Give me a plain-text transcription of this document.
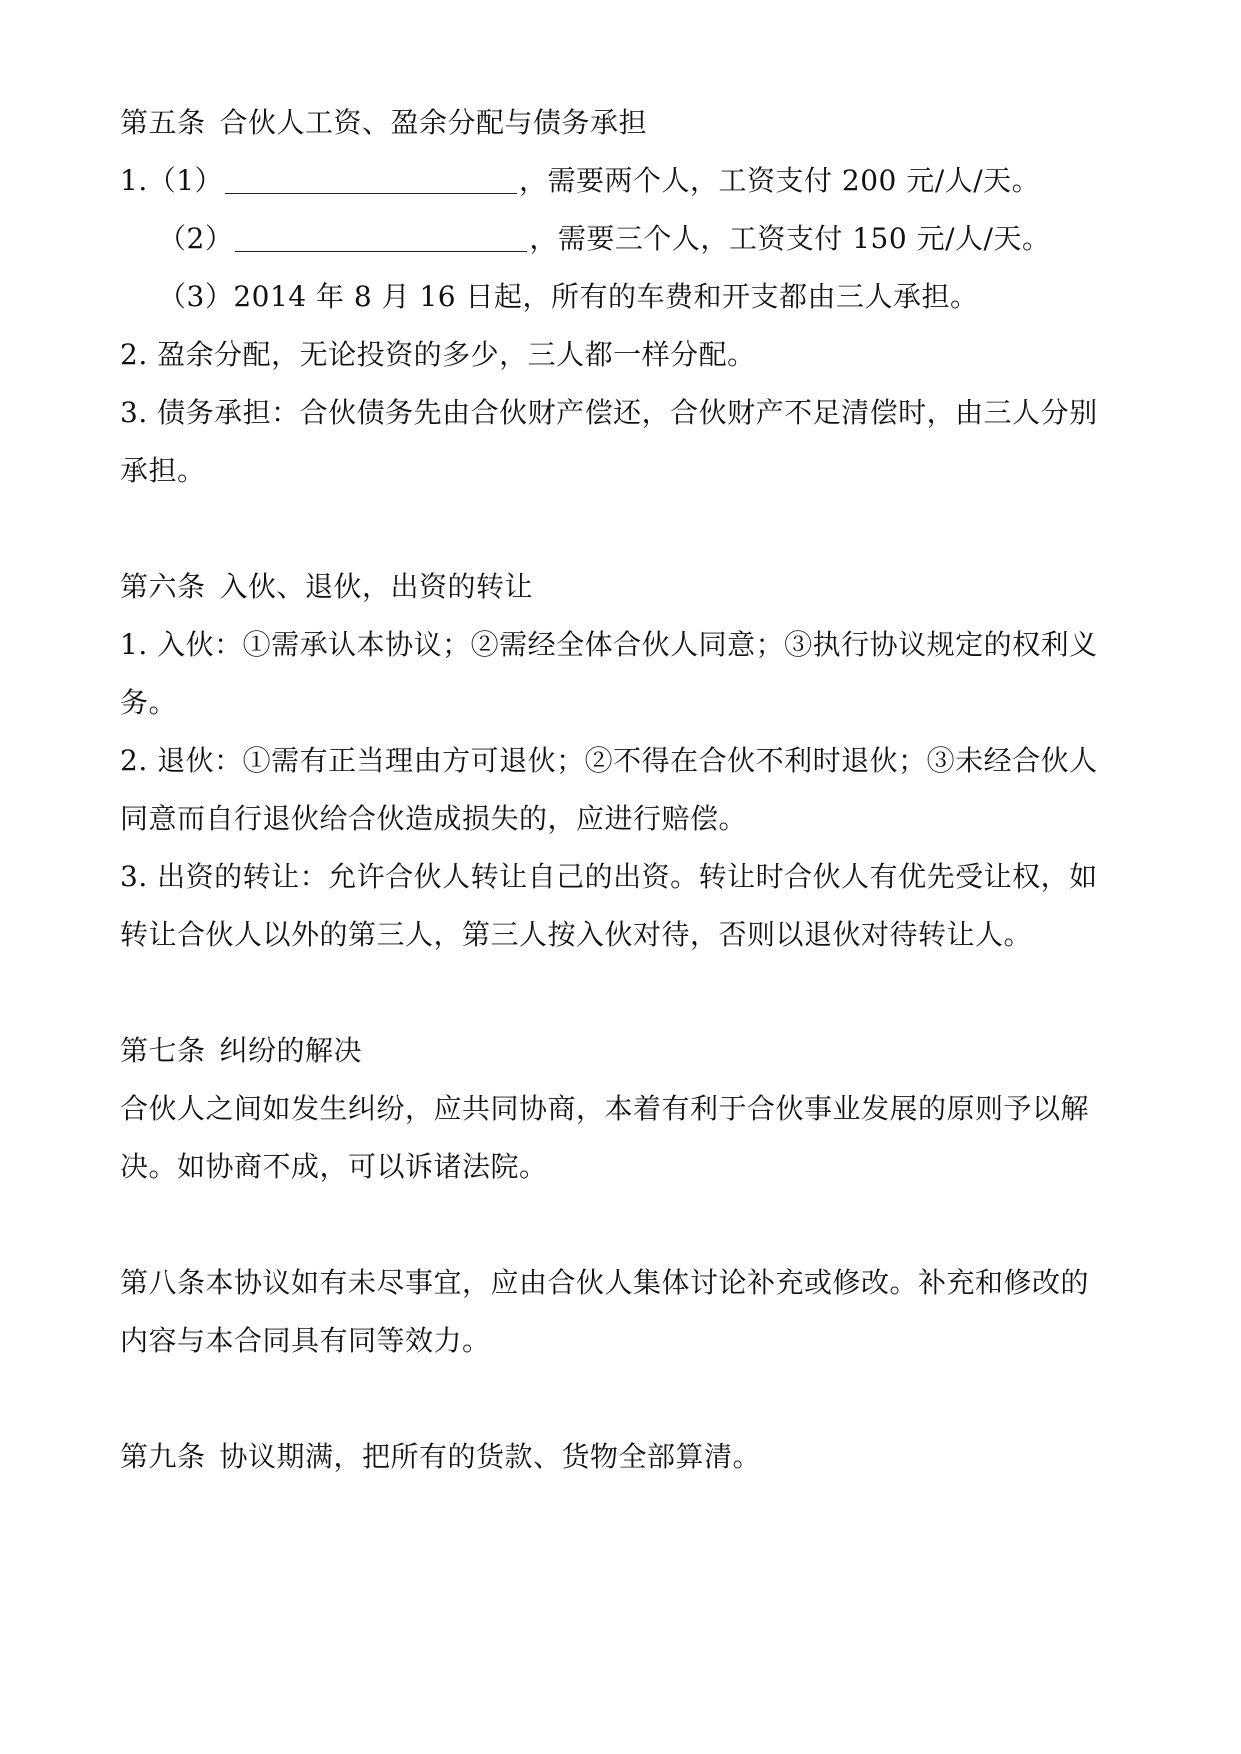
第五条 合伙人工资、盈余分配与债务承担
1.（1）	，需要两个人，工资支付 200 元/人/天。
（2）	，需要三个人，工资支付 150 元/人/天。
（3）2014 年 8 月 16 日起，所有的车费和开支都由三人承担。
2. 盈余分配，无论投资的多少，三人都一样分配。
3. 债务承担：合伙债务先由合伙财产偿还，合伙财产不足清偿时，由三人分别
承担。
第六条 入伙、退伙，出资的转让
1. 入伙：①需承认本协议；②需经全体合伙人同意；③执行协议规定的权利义
务。
2. 退伙：①需有正当理由方可退伙；②不得在合伙不利时退伙；③未经合伙人
同意而自行退伙给合伙造成损失的，应进行赔偿。
3. 出资的转让：允许合伙人转让自己的出资。转让时合伙人有优先受让权，如
转让合伙人以外的第三人，第三人按入伙对待，否则以退伙对待转让人。
第七条 纠纷的解决
合伙人之间如发生纠纷，应共同协商，本着有利于合伙事业发展的原则予以解
决。如协商不成，可以诉诸法院。
第八条本协议如有未尽事宜，应由合伙人集体讨论补充或修改。补充和修改的
内容与本合同具有同等效力。
第九条 协议期满，把所有的货款、货物全部算清。
